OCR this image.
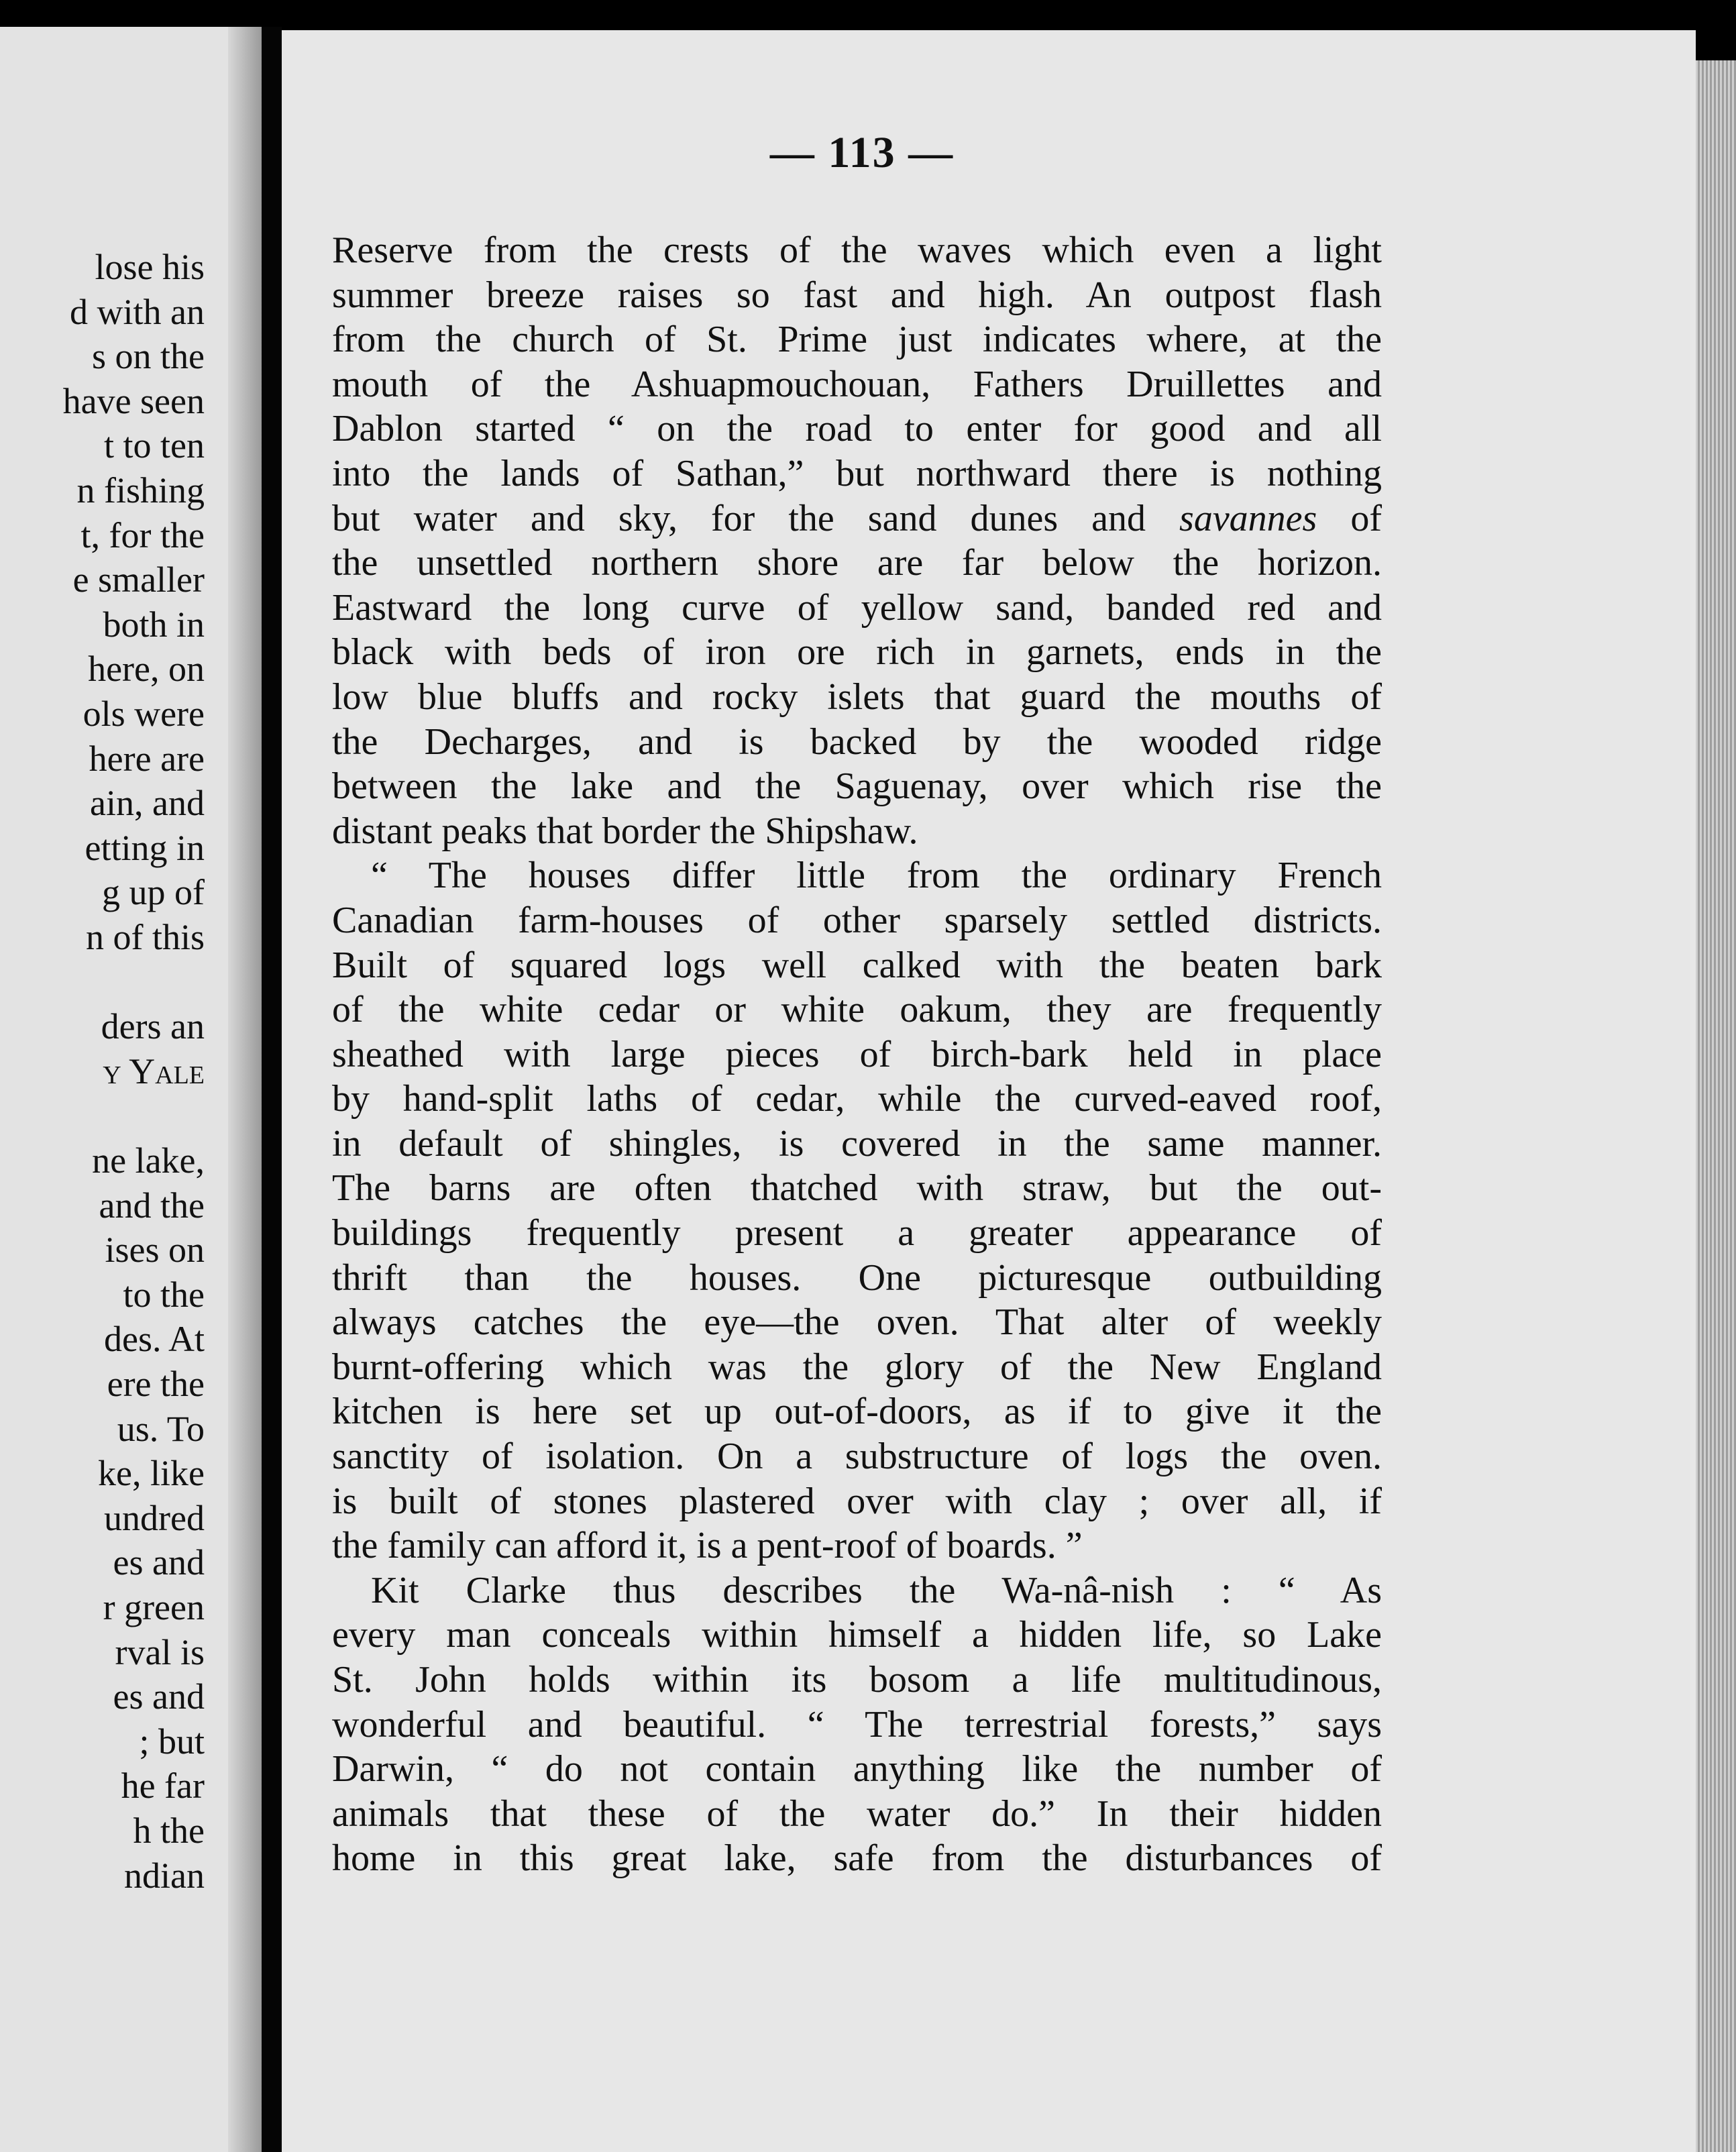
lose his
d with an
s on the
have seen
t to ten
n fishing
t, for the
e smaller
both in
here, on
ols were
here are
ain, and
etting in
g up of
n of this
ders an
y Yale
ne lake,
and the
ises on
to the
des. At
ere the
us. To
ke, like
undred
es and
r green
rval is
es and
; but
he far
h the
ndian
— 113 —
Reserve from the crests of the waves which even a light
summer breeze raises so fast and high. An outpost flash
from the church of St. Prime just indicates where, at the
mouth of the Ashuapmouchouan, Fathers Druillettes and
Dablon started “ on the road to enter for good and all
into the lands of Sathan,” but northward there is nothing
but water and sky, for the sand dunes and savannes of
the unsettled northern shore are far below the horizon.
Eastward the long curve of yellow sand, banded red and
black with beds of iron ore rich in garnets, ends in the
low blue bluffs and rocky islets that guard the mouths of
the Decharges, and is backed by the wooded ridge
between the lake and the Saguenay, over which rise the
distant peaks that border the Shipshaw.
“ The houses differ little from the ordinary French
Canadian farm-houses of other sparsely settled districts.
Built of squared logs well calked with the beaten bark
of the white cedar or white oakum, they are frequently
sheathed with large pieces of birch-bark held in place
by hand-split laths of cedar, while the curved-eaved roof,
in default of shingles, is covered in the same manner.
The barns are often thatched with straw, but the out-
buildings frequently present a greater appearance of
thrift than the houses. One picturesque outbuilding
always catches the eye—the oven. That alter of weekly
burnt-offering which was the glory of the New England
kitchen is here set up out-of-doors, as if to give it the
sanctity of isolation. On a substructure of logs the oven.
is built of stones plastered over with clay ; over all, if
the family can afford it, is a pent-roof of boards. ”
Kit Clarke thus describes the Wa-nâ-nish : “ As
every man conceals within himself a hidden life, so Lake
St. John holds within its bosom a life multitudinous,
wonderful and beautiful. “ The terrestrial forests,” says
Darwin, “ do not contain anything like the number of
animals that these of the water do.” In their hidden
home in this great lake, safe from the disturbances of
